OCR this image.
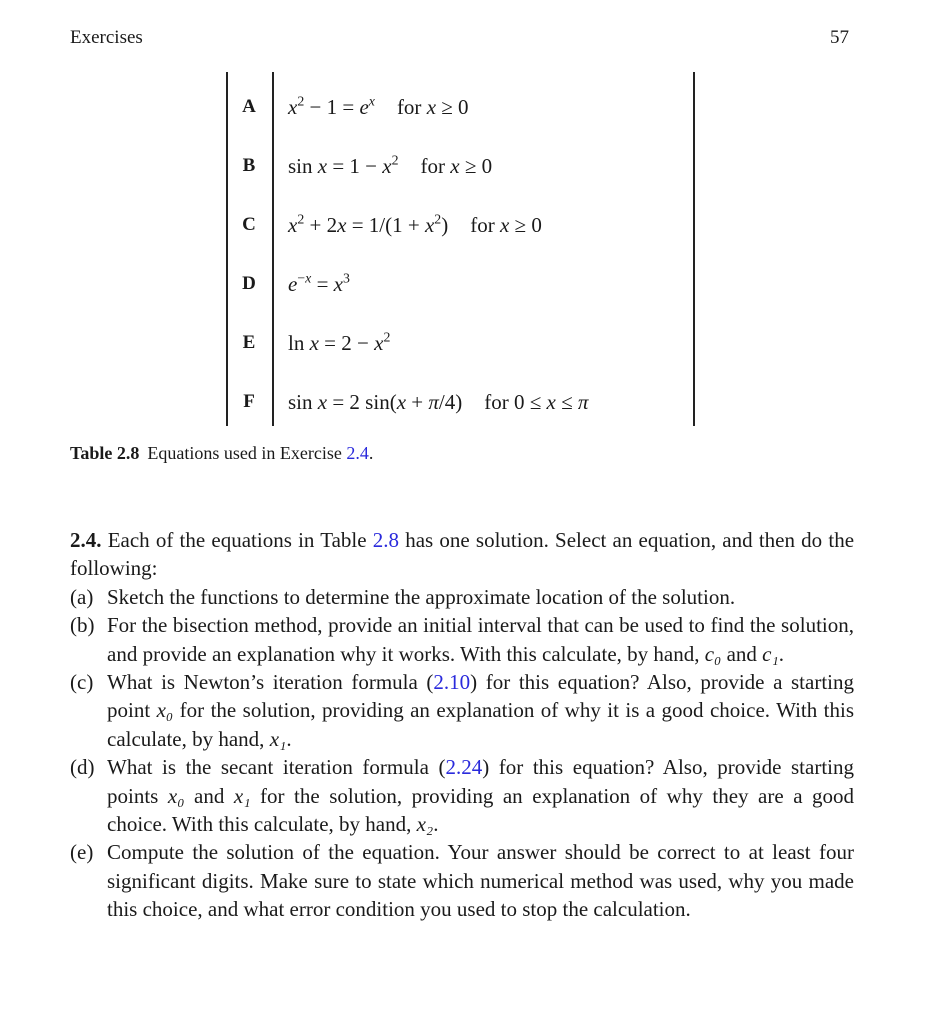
Exercises	57
A	$x^2 - 1 = e^x$ for x ≥ 0
B	$\sin x = 1 - x^2$ for x ≥ 0
C	$x^2 + 2x = 1/(1 + x^2)$ for x ≥ 0
D	$e^{-x} = x^3$
E	$\ln x = 2 - x^2$
F	sin x = 2 sin(x + π/4) for 0 ≤ x ≤ π
Table 2.8 Equations used in Exercise 2.4.

2.4. Each of the equations in Table 2.8 has one solution. Select an equation, and then do the following:

(a) Sketch the functions to determine the approximate location of the solution.
(b) For the bisection method, provide an initial interval that can be used to find the solution, and provide an explanation why it works. With this calculate, by hand, c₀ and c₁.
(c) What is Newton’s iteration formula (2.10) for this equation? Also, provide a starting point x₀ for the solution, providing an explanation of why it is a good choice. With this calculate, by hand, x₁.
(d) What is the secant iteration formula (2.24) for this equation? Also, provide starting points x₀ and x₁ for the solution, providing an explanation of why they are a good choice. With this calculate, by hand, x₂.
(e) Compute the solution of the equation. Your answer should be correct to at least four significant digits. Make sure to state which numerical method was used, why you made this choice, and what error condition you used to stop the calculation.
